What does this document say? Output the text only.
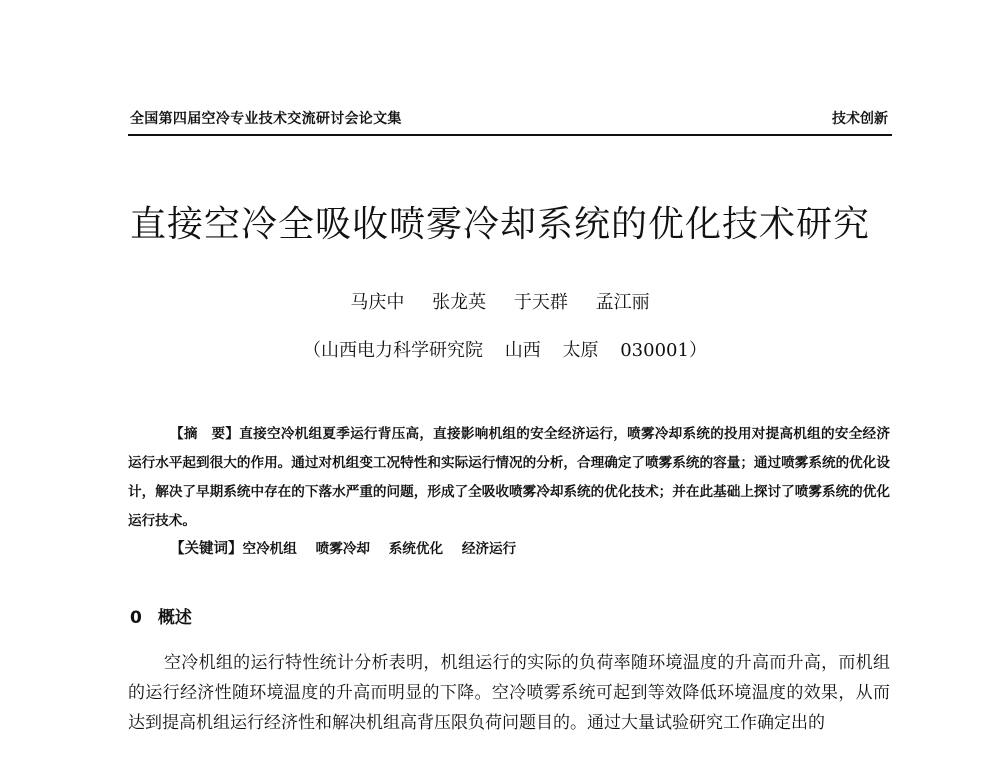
全国第四届空冷专业技术交流研讨会论文集	技术创新
直接空冷全吸收喷雾冷却系统的优化技术研究
马庆中 张龙英 于天群 孟江丽
（山西电力科学研究院 山西 太原 030001）
【摘　要】直接空冷机组夏季运行背压高，直接影响机组的安全经济运行，喷雾冷却系统的投用对提高机组的安全经济运行水平起到很大的作用。通过对机组变工况特性和实际运行情况的分析，合理确定了喷雾系统的容量；通过喷雾系统的优化设计，解决了早期系统中存在的下落水严重的问题，形成了全吸收喷雾冷却系统的优化技术；并在此基础上探讨了喷雾系统的优化运行技术。
【关键词】空冷机组 喷雾冷却 系统优化 经济运行
0 概述
空冷机组的运行特性统计分析表明，机组运行的实际的负荷率随环境温度的升高而升高，而机组的运行经济性随环境温度的升高而明显的下降。空冷喷雾系统可起到等效降低环境温度的效果，从而达到提高机组运行经济性和解决机组高背压限负荷问题目的。通过大量试验研究工作确定出的
